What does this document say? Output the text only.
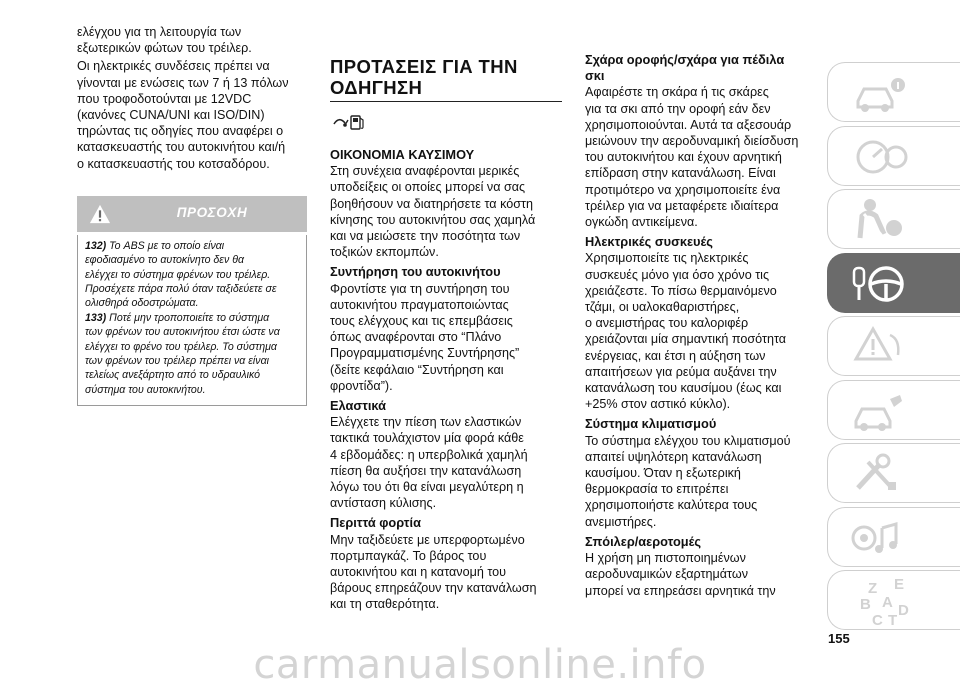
ελέγχου για τη λειτουργία των
εξωτερικών φώτων του τρέιλερ.

Οι ηλεκτρικές συνδέσεις πρέπει να
γίνονται με ενώσεις των 7 ή 13 πόλων
που τροφοδοτούνται με 12VDC
(κανόνες CUNA/UNI και ISO/DIN)
τηρώντας τις οδηγίες που αναφέρει ο
κατασκευαστής του αυτοκινήτου και/ή
ο κατασκευαστής του κοτσαδόρου.

ΠΡΟΣΟΧΗ

132) Το ABS με το οποίο είναι
εφοδιασμένο το αυτοκίνητο δεν θα
ελέγχει το σύστημα φρένων του τρέιλερ.
Προσέχετε πάρα πολύ όταν ταξιδεύετε σε
ολισθηρά οδοστρώματα.

133) Ποτέ μην τροποποιείτε το σύστημα
των φρένων του αυτοκινήτου έτσι ώστε να
ελέγχει το φρένο του τρέιλερ. Το σύστημα
των φρένων του τρέιλερ πρέπει να είναι
τελείως ανεξάρτητο από το υδραυλικό
σύστημα του αυτοκινήτου.

ΠΡΟΤΑΣΕΙΣ ΓΙΑ ΤΗΝ
ΟΔΗΓΗΣΗ
ΟΙΚΟΝΟΜΙΑ ΚΑΥΣΙΜΟΥ

Στη συνέχεια αναφέρονται μερικές
υποδείξεις οι οποίες μπορεί να σας
βοηθήσουν να διατηρήσετε τα κόστη
κίνησης του αυτοκινήτου σας χαμηλά
και να μειώσετε την ποσότητα των
τοξικών εκπομπών.

Συντήρηση του αυτοκινήτου

Φροντίστε για τη συντήρηση του
αυτοκινήτου πραγματοποιώντας
τους ελέγχους και τις επεμβάσεις
όπως αναφέρονται στο “Πλάνο
Προγραμματισμένης Συντήρησης”
(δείτε κεφάλαιο “Συντήρηση και
φροντίδα”).

Ελαστικά

Ελέγχετε την πίεση των ελαστικών
τακτικά τουλάχιστον μία φορά κάθε
4 εβδομάδες: η υπερβολικά χαμηλή
πίεση θα αυξήσει την κατανάλωση
λόγω του ότι θα είναι μεγαλύτερη η
αντίσταση κύλισης.

Περιττά φορτία

Μην ταξιδεύετε με υπερφορτωμένο
πορτμπαγκάζ. Το βάρος του
αυτοκινήτου και η κατανομή του
βάρους επηρεάζουν την κατανάλωση
και τη σταθερότητα.

Σχάρα οροφής/σχάρα για πέδιλα
σκι

Αφαιρέστε τη σκάρα ή τις σκάρες
για τα σκι από την οροφή εάν δεν
χρησιμοποιούνται. Αυτά τα αξεσουάρ
μειώνουν την αεροδυναμική διείσδυση
του αυτοκινήτου και έχουν αρνητική
επίδραση στην κατανάλωση. Είναι
προτιμότερο να χρησιμοποιείτε ένα
τρέιλερ για να μεταφέρετε ιδιαίτερα
ογκώδη αντικείμενα.

Ηλεκτρικές συσκευές

Χρησιμοποιείτε τις ηλεκτρικές
συσκευές μόνο για όσο χρόνο τις
χρειάζεστε. Το πίσω θερμαινόμενο
τζάμι, οι υαλοκαθαριστήρες,
ο ανεμιστήρας του καλοριφέρ
χρειάζονται μία σημαντική ποσότητα
ενέργειας, και έτσι η αύξηση των
απαιτήσεων για ρεύμα αυξάνει την
κατανάλωση του καυσίμου (έως και
+25% στον αστικό κύκλο).

Σύστημα κλιματισμού

Το σύστημα ελέγχου του κλιματισμού
απαιτεί υψηλότερη κατανάλωση
καυσίμου. Όταν η εξωτερική
θερμοκρασία το επιτρέπει
χρησιμοποιήστε καλύτερα τους
ανεμιστήρες.

Σπόιλερ/αεροτομές

Η χρήση μη πιστοποιημένων
αεροδυναμικών εξαρτημάτων
μπορεί να επηρεάσει αρνητικά την	Z E
B A
C T
D
155
carmanualsonline.info
